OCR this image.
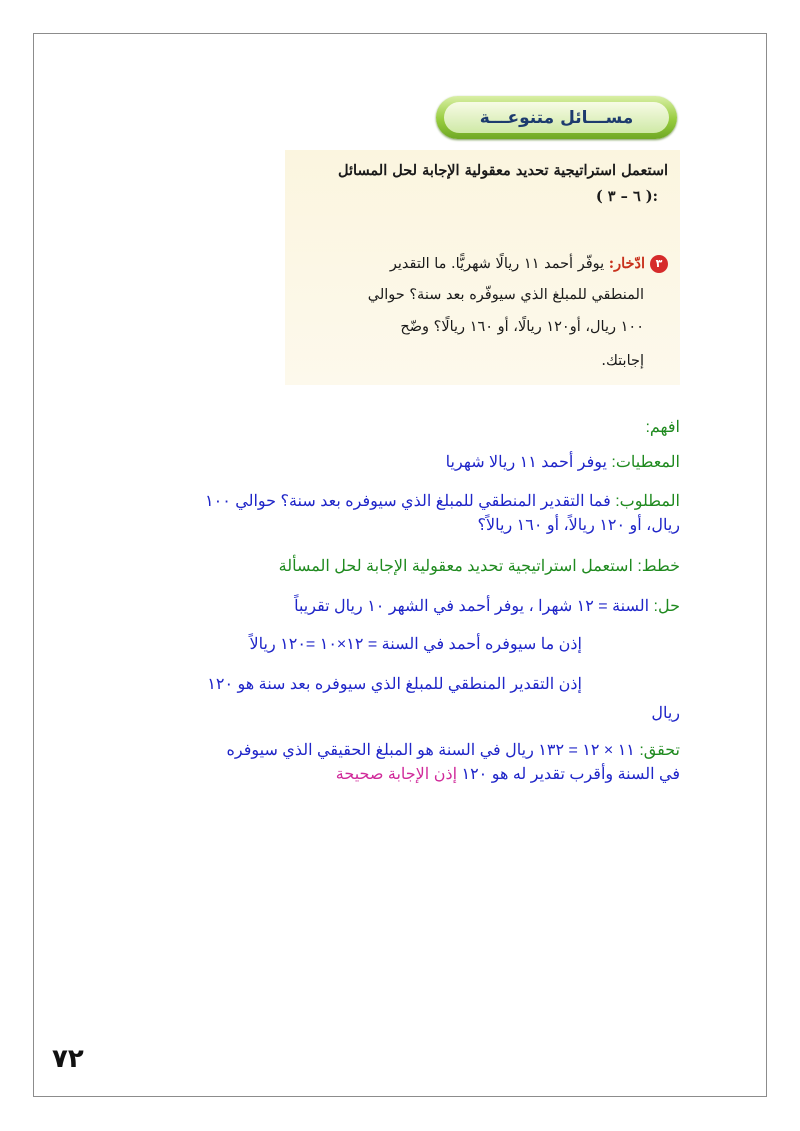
مســـائل متنوعـــة
استعمل استراتيجية تحديد معقولية الإجابة لحل المسائل
:( ٦ – ٣ )
٣ادّخار: يوفّر أحمد ١١ ريالًا شهريًّا. ما التقدير
المنطقي للمبلغ الذي سيوفّره بعد سنة؟ حوالي
١٠٠ ريال، أو١٢٠ ريالًا، أو ١٦٠ ريالًا؟ وضّح
إجابتك.
افهم:
المعطيات: يوفر أحمد ١١ ريالا شهريا
المطلوب: فما التقدير المنطقي للمبلغ الذي سيوفره بعد سنة؟ حوالي ١٠٠
ريال، أو ١٢٠ ريالاً، أو ١٦٠ ريالاً؟
خطط: استعمل استراتيجية تحديد معقولية الإجابة لحل المسألة
حل: السنة = ١٢ شهرا ، يوفر أحمد في الشهر ١٠ ريال تقريباً
إذن ما سيوفره أحمد في السنة = ١٢×١٠ =١٢٠ ريالاً
إذن التقدير المنطقي للمبلغ الذي سيوفره بعد سنة هو ١٢٠
ريال
تحقق: ١١ × ١٢ = ١٣٢ ريال في السنة هو المبلغ الحقيقي الذي سيوفره
في السنة وأقرب تقدير له هو ١٢٠ إذن الإجابة صحيحة
٧٢
